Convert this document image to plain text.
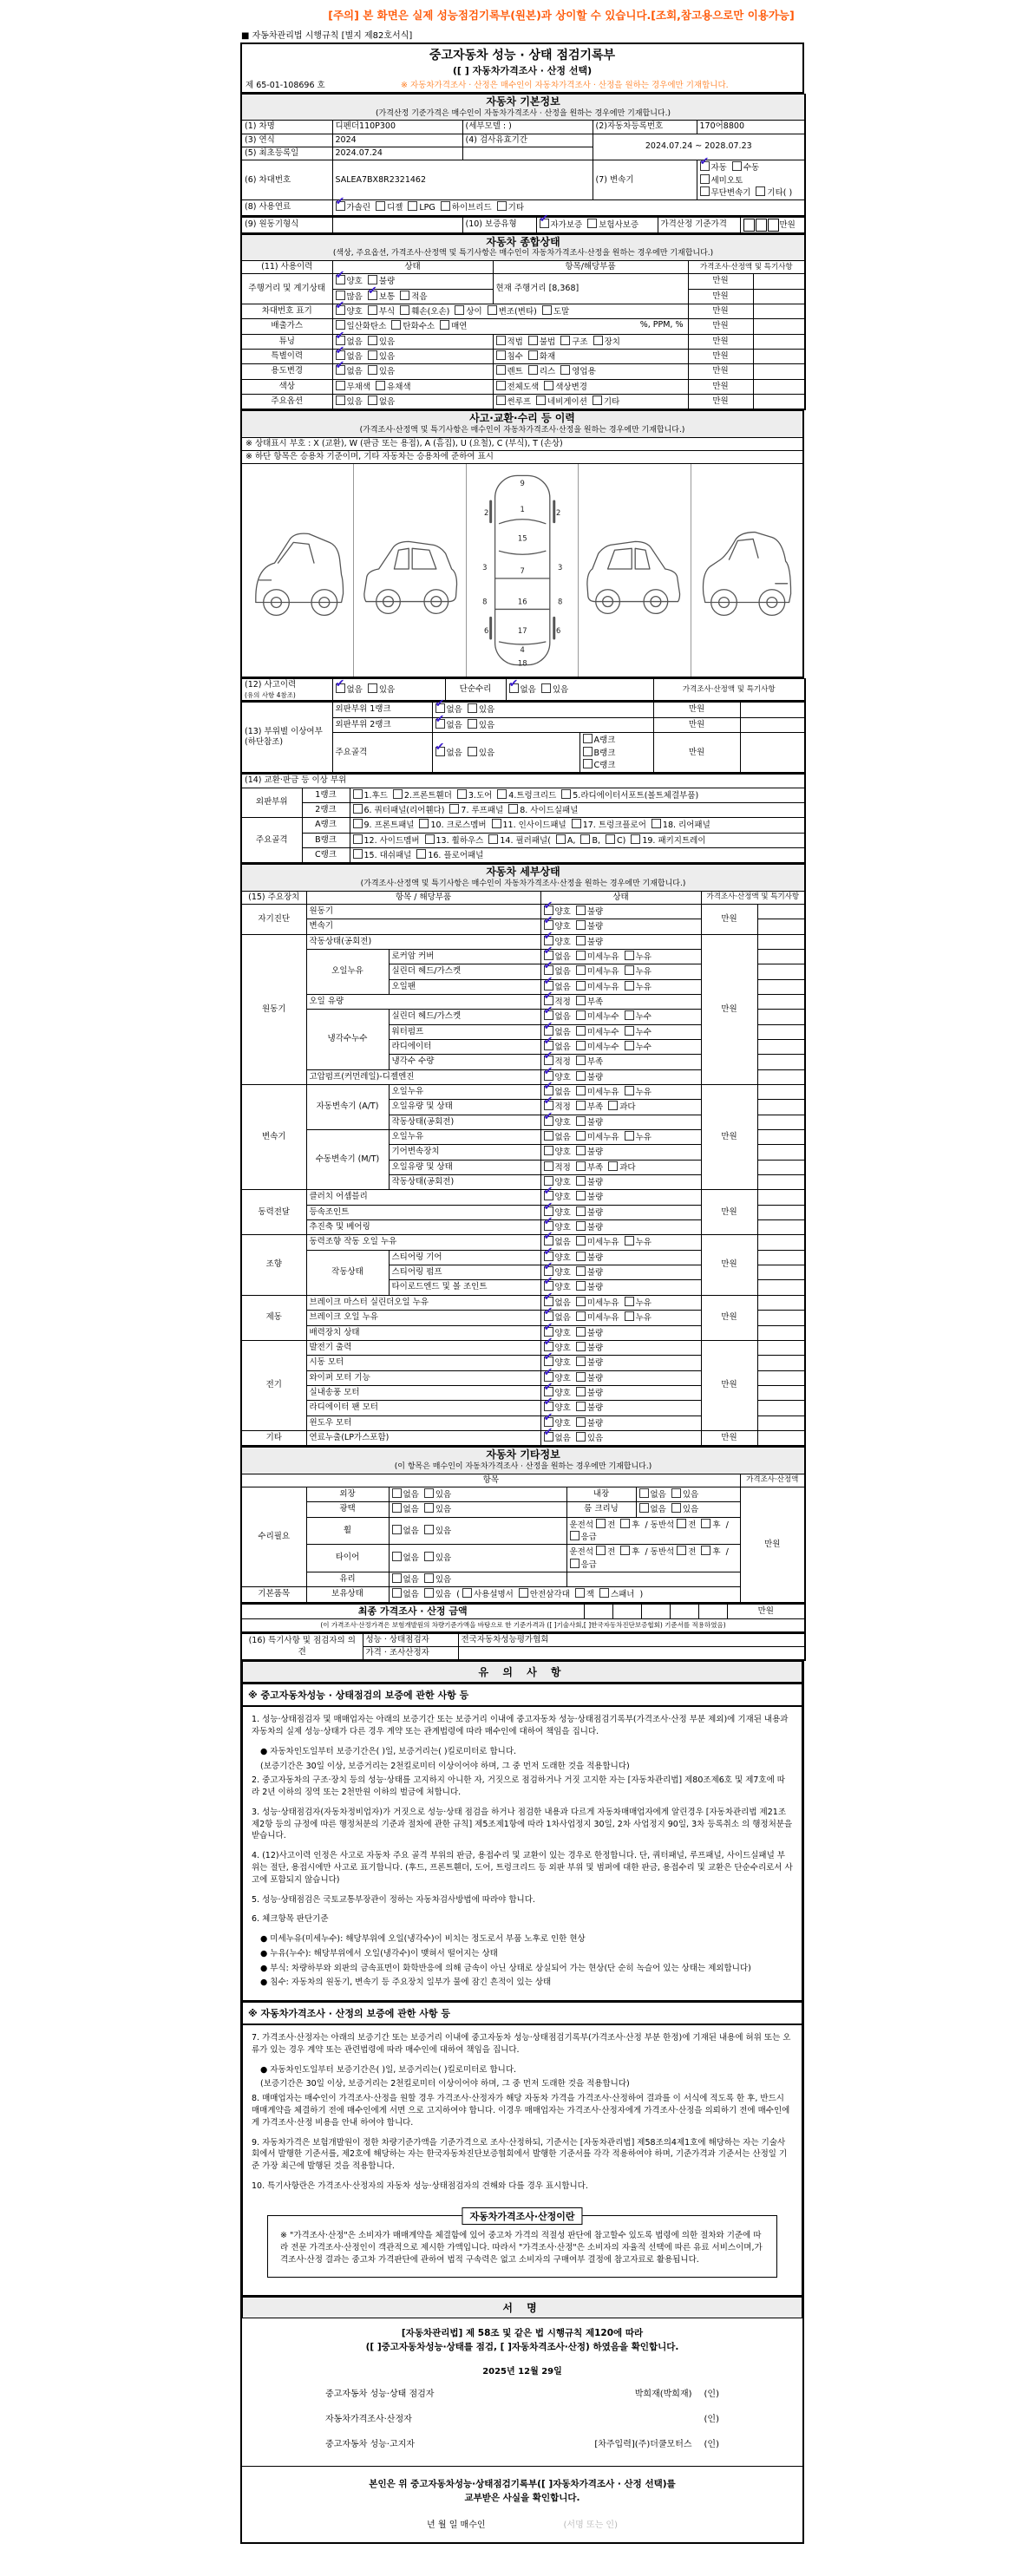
[주의] 본 화면은 실제 성능점검기록부(원본)과 상이할 수 있습니다.[조회,참고용으로만 이용가능]
■ 자동차관리법 시행규칙 [별지 제82호서식]
중고자동차 성능 · 상태 점검기록부
([ ] 자동차가격조사 · 산정 선택)
제 65-01-108696 호	※ 자동차가격조사 · 산정은 매수인이 자동차가격조사 · 산정을 원하는 경우에만 기재합니다.
자동차 기본정보
(가격산정 기준가격은 매수인이 자동차가격조사 · 산정을 원하는 경우에만 기재합니다.)				

(1) 차명	디펜더110P300	(세부모델 : )	(2)자동차등록번호	170어8800
(3) 연식	2024	(4) 검사유효기간	2024.07.24 ~ 2028.07.23	
(5) 최초등록일	2024.07.24			
(6) 차대번호	SALEA7BX8R2321462		(7) 변속기	✔자동 수동세미오토무단변속기 기타( )
(8) 사용연료	✔가솔린 디젤 LPG 하이브리드 기타
(9) 원동기형식		(10) 보증유형	✔자가보증 보험사보증	가격산정 기준가격	만원
자동차 종합상태
(색상, 주요옵션, 가격조사·산정액 및 특기사항은 매수인이 자동차가격조사·산정을 원하는 경우에만 기재합니다.)				

(11) 사용이력	상태	항목/해당부품	가격조사·산정액 및 특기사항	
주행거리 및 계기상태	✔양호 불량	현재 주행거리 [8,368]	만원	
	많음 ✔ 보통 적음		만원	
차대번호 표기	✔양호 부식 훼손(오손) 상이 변조(변타) 도말		만원	
배출가스	일산화탄소 탄화수소 매연 %, PPM, %		만원	
튜닝	✔없음 있음	적법 불법 구조 장치	만원	
특별이력	✔없음 있음	침수 화재	만원	
용도변경	✔없음 있음	렌트 리스 영업용	만원	
색상	무채색 유채색	전체도색 색상변경	만원	
주요옵션	있음 없음	썬루프 네비게이션 기타	만원	
사고·교환·수리 등 이력
(가격조사·산정액 및 특기사항은 매수인이 자동차가격조사·산정을 원하는 경우에만 기재합니다.)

※ 상태표시 부호 : X (교환), W (판금 또는 용접), A (흠집), U (요철), C (부식), T (손상)
※ 하단 항목은 승용차 기준이며, 기타 자동차는 승용차에 준하여 표시

9
1
2	2
15
3	7	3
8	16	8
6	17	6
4
18
(12) 사고이력
(유의 사항 4참조)
	✔없음 있음	단순수리	✔없음 있음	가격조사·산정액 및 특기사항
(13) 부위별 이상여부 (하단참조)	외판부위 1랭크	✔없음 있음		만원	
	외판부위 2랭크	✔없음 있음		만원	
	주요골격	✔없음 있음	A랭크B랭크C랭크	만원	
(14) 교환·판금 등 이상 부위		
외판부위	1랭크	1.후드 2.프론트휀더 3.도어 4.트렁크리드 5.라디에이터서포트(볼트체결부품)
	2랭크	6. 쿼터패널(리어휀다) 7. 루프패널 8. 사이드실패널
주요골격	A랭크	9. 프론트패널 10. 크로스멤버 11. 인사이드패널 17. 트렁크플로어 18. 리어패널
	B랭크	12. 사이드멤버 13. 휠하우스 14. 필러패널( A, B, C) 19. 패키지트레이
	C랭크	15. 대쉬패널 16. 플로어패널
자동차 세부상태
(가격조사·산정액 및 특기사항은 매수인이 자동차가격조사·산정을 원하는 경우에만 기재합니다.)					

(15) 주요장치	항목 / 해당부품		상태	가격조사·산정액 및 특기사항	
자기진단	원동기	✔양호 불량	만원	
	변속기	✔양호 불량	
원동기	작동상태(공회전)	✔양호 불량	만원	
	오일누유	로커암 커버	✔없음 미세누유 누유	
		실린더 헤드/가스켓	✔없음 미세누유 누유	
		오일팬	✔없음 미세누유 누유	
	오일 유량	✔적정 부족	
	냉각수누수	실린더 헤드/가스켓	✔없음 미세누수 누수	
		워터펌프	✔없음 미세누수 누수	
		라디에이터	✔없음 미세누수 누수	
		냉각수 수량	✔적정 부족	
	고압펌프(커먼레일)-디젤엔진	✔양호 불량	
변속기	자동변속기 (A/T)	오일누유	✔없음 미세누유 누유	만원	
		오일유량 및 상태	✔적정 부족 과다	
		작동상태(공회전)	✔양호 불량	
	수동변속기 (M/T)	오일누유	없음 미세누유 누유		
		기어변속장치	양호 불량		
		오일유량 및 상태	적정 부족 과다		
		작동상태(공회전)	양호 불량		
동력전달	클러치 어셈블리	✔양호 불량	만원	
	등속조인트	✔양호 불량	
	추진축 및 베어링	✔양호 불량	
조향	동력조향 작동 오일 누유	✔없음 미세누유 누유	만원	
	작동상태	스티어링 기어	✔양호 불량	
		스티어링 펌프	✔양호 불량	
		타이로드엔드 및 볼 조인트	✔양호 불량	
제동	브레이크 마스터 실린더오일 누유	✔없음 미세누유 누유	만원	
	브레이크 오일 누유	✔없음 미세누유 누유	
	배력장치 상태	✔양호 불량	
전기	발전기 출력	✔양호 불량	만원	
	시동 모터	✔양호 불량	
	와이퍼 모터 기능	✔양호 불량	
	실내송풍 모터	✔양호 불량	
	라디에이터 팬 모터	✔양호 불량	
	윈도우 모터	✔양호 불량	
기타	연료누출(LP가스포함)	✔없음 있음	만원	
자동차 기타정보
(이 항목은 매수인이 자동차가격조사 · 산정을 원하는 경우에만 기재합니다.)					

항목					가격조사·산정액
수리필요	외장	없음 있음	내장	없음 있음	만원
	광택	없음 있음	룸 크리닝	없음 있음	
	휠	없음 있음	운전석 전 후 / 동반석 전 후 / 응급		
	타이어	없음 있음	운전석 전 후 / 동반석 전 후 / 응급		
	유리	없음 있음			
기본품목	보유상태	없음 있음 ( 사용설명서 안전삼각대 잭 스패너 )			
최종 가격조사 · 산정 금액						만원
(이 가격조사·산정가격은 보험개발원의 차량기준가액을 바탕으로 한 기준가격과 ([ ]기술사회,[ ]한국자동차진단보증협회) 기준서를 적용하였음)
(16) 특기사항 및 점검자의 의견	성능 · 상태점검자	전국자동차성능평가협회
	가격 · 조사산정자	
유 의 사 항
※ 중고자동차성능 · 상태점검의 보증에 관한 사항 등

1. 성능·상태점검자 및 매매업자는 아래의 보증기간 또는 보증거리 이내에 중고자동차 성능·상태점검기록부(가격조사·산정 부분 제외)에 기재된 내용과 자동차의 실제 성능·상태가 다른 경우 계약 또는 관계법령에 따라 매수인에 대하여 책임을 집니다.

● 자동차인도일부터 보증기간은( )일, 보증거리는( )킬로미터로 합니다.

(보증기간은 30일 이상, 보증거리는 2천킬로미터 이상이어야 하며, 그 중 먼저 도래한 것을 적용합니다)

2. 중고자동차의 구조·장치 등의 성능·상태를 고지하지 아니한 자, 거짓으로 점검하거나 거짓 고지한 자는 [자동차관리법] 제80조제6호 및 제7호에 따라 2년 이하의 징역 또는 2천만원 이하의 벌금에 처합니다.

3. 성능·상태점검자(자동차정비업자)가 거짓으로 성능·상태 점검을 하거나 점검한 내용과 다르게 자동차매매업자에게 알린경우 [자동차관리법 제21조제2항 등의 규정에 따른 행정처분의 기준과 절차에 관한 규칙] 제5조제1항에 따라 1차사업정지 30일, 2차 사업정지 90일, 3차 등록취소 의 행정처분을 받습니다.

4. (12)사고이력 인정은 사고로 자동차 주요 골격 부위의 판금, 용접수리 및 교환이 있는 경우로 한정합니다. 단, 쿼터패널, 루프패널, 사이드실패널 부위는 절단, 용접시에만 사고로 표기합니다. (후드, 프론트휀더, 도어, 트렁크리드 등 외판 부위 및 범퍼에 대한 판금, 용접수리 및 교환은 단순수리로서 사고에 포함되지 않습니다)

5. 성능·상태점검은 국토교통부장관이 정하는 자동차검사방법에 따라야 합니다.

6. 체크항목 판단기준

● 미세누유(미세누수): 해당부위에 오일(냉각수)이 비치는 정도로서 부품 노후로 인한 현상

● 누유(누수): 해당부위에서 오일(냉각수)이 맺혀서 떨어지는 상태

● 부식: 차량하부와 외판의 금속표면이 화학반응에 의해 금속이 아닌 상태로 상실되어 가는 현상(단 순히 녹슬어 있는 상태는 제외합니다)

● 침수: 자동차의 원동기, 변속기 등 주요장치 일부가 물에 잠긴 흔적이 있는 상태

※ 자동차가격조사 · 산정의 보증에 관한 사항 등

7. 가격조사·산정자는 아래의 보증기간 또는 보증거리 이내에 중고자동차 성능·상태점검기록부(가격조사·산정 부분 한정)에 기재된 내용에 허위 또는 오류가 있는 경우 계약 또는 관련법령에 따라 매수인에 대하여 책임을 집니다.

● 자동차인도일부터 보증기간은( )일, 보증거리는( )킬로미터로 합니다.

(보증기간은 30일 이상, 보증거리는 2천킬로미터 이상이어야 하며, 그 중 먼저 도래한 것을 적용합니다)

8. 매매업자는 매수인이 가격조사·산정을 원할 경우 가격조사·산정자가 해당 자동차 가격을 가격조사·산정하여 결과를 이 서식에 적도록 한 후, 반드시 매매계약을 체결하기 전에 매수인에게 서면 으로 고지하여야 합니다. 이경우 매매업자는 가격조사·산정자에게 가격조사·산정을 의뢰하기 전에 매수인에게 가격조사·산정 비용을 안내 하여야 합니다.

9. 자동차가격은 보험개발원이 정한 차량기준가액을 기준가격으로 조사·산정하되, 기준서는 [자동차관리법] 제58조의4제1호에 해당하는 자는 기술사회에서 발행한 기준서를, 제2호에 해당하는 자는 한국자동차진단보증협회에서 발행한 기준서를 각각 적용하여야 하며, 기준가격과 기준서는 산정일 기준 가장 최근에 발행된 것을 적용합니다.

10. 특기사항란은 가격조사·산정자의 자동차 성능·상태점검자의 견해와 다를 경우 표시합니다.

자동차가격조사·산정이란

※ "가격조사·산정"은 소비자가 매매계약을 체결함에 있어 중고차 가격의 적절성 판단에 참고할수 있도록 법령에 의한 절차와 기준에 따라 전문 가격조사·산정인이 객관적으로 제시한 가액입니다. 따라서 "가격조사·산정"은 소비자의 자율적 선택에 따른 유료 서비스이며,가격조사·산정 결과는 중고차 가격판단에 관하여 법적 구속력은 없고 소비자의 구매여부 결정에 참고자료로 활용됩니다.

서 명
[자동차관리법] 제 58조 및 같은 법 시행규칙 제120에 따라
([ ]중고자동차성능·상태를 점검, [ ]자동차격조사·산정) 하였음을 확인합니다.
2025년 12월 29일
중고자동차 성능·상태 점검자	박희재(박희재) (인)
자동차가격조사·산정자	(인)
중고자동차 성능·고지자	[차주입력](주)더쿨모터스 (인)
본인은 위 중고자동차성능·상태점검기록부([ ]자동차가격조사 · 산정 선택)를
교부받은 사실을 확인합니다.
년 월 일 매수인	(서명 또는 인)
